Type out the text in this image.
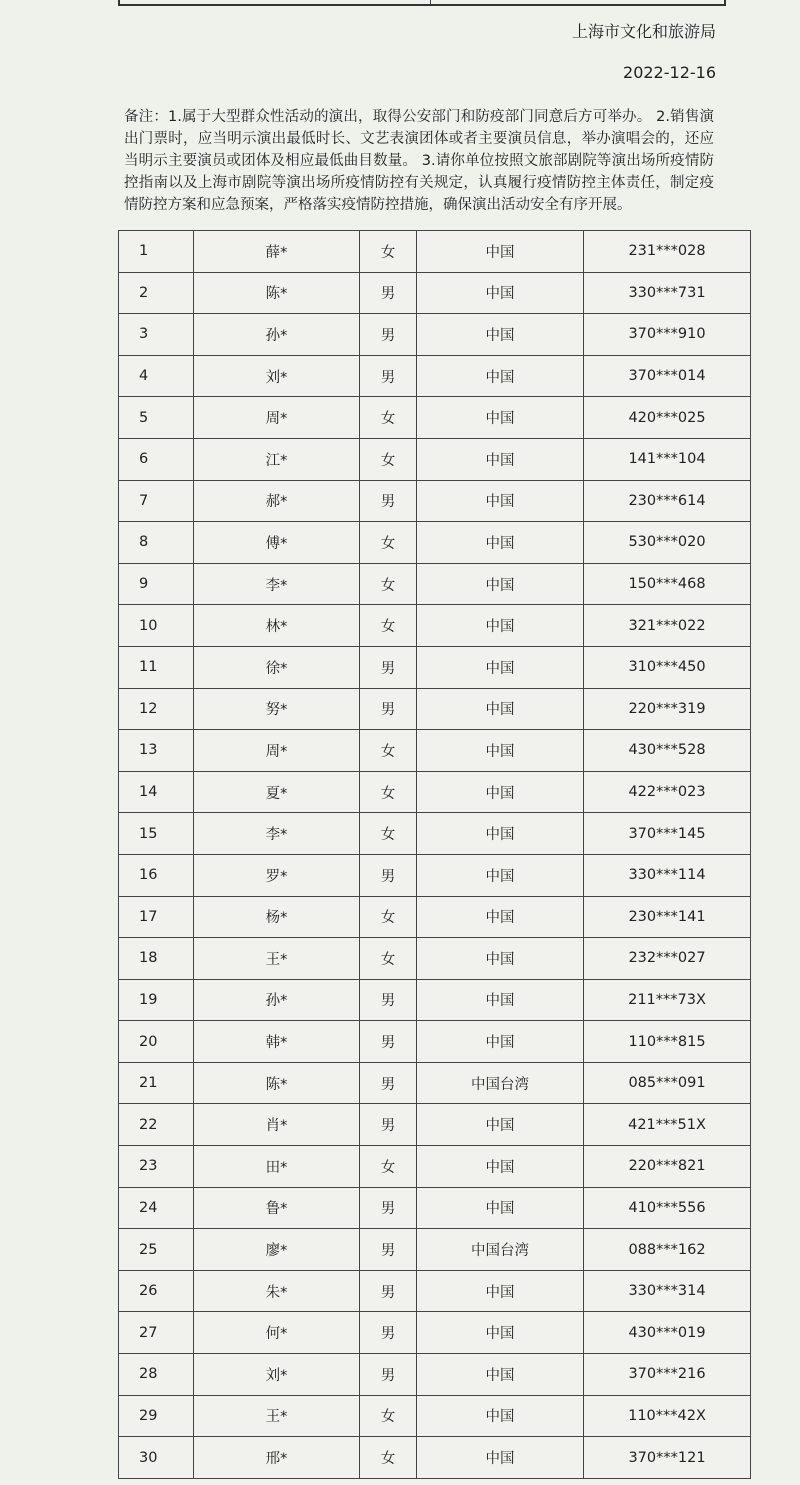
上海市文化和旅游局
2022-12-16
备注：1.属于大型群众性活动的演出，取得公安部门和防疫部门同意后方可举办。 2.销售演出门票时，应当明示演出最低时长、文艺表演团体或者主要演员信息，举办演唱会的，还应当明示主要演员或团体及相应最低曲目数量。 3.请你单位按照文旅部剧院等演出场所疫情防控指南以及上海市剧院等演出场所疫情防控有关规定，认真履行疫情防控主体责任，制定疫情防控方案和应急预案，严格落实疫情防控措施，确保演出活动安全有序开展。
1	薛*	女	中国	231***028
2	陈*	男	中国	330***731
3	孙*	男	中国	370***910
4	刘*	男	中国	370***014
5	周*	女	中国	420***025
6	江*	女	中国	141***104
7	郝*	男	中国	230***614
8	傅*	女	中国	530***020
9	李*	女	中国	150***468
10	林*	女	中国	321***022
11	徐*	男	中国	310***450
12	努*	男	中国	220***319
13	周*	女	中国	430***528
14	夏*	女	中国	422***023
15	李*	女	中国	370***145
16	罗*	男	中国	330***114
17	杨*	女	中国	230***141
18	王*	女	中国	232***027
19	孙*	男	中国	211***73X
20	韩*	男	中国	110***815
21	陈*	男	中国台湾	085***091
22	肖*	男	中国	421***51X
23	田*	女	中国	220***821
24	鲁*	男	中国	410***556
25	廖*	男	中国台湾	088***162
26	朱*	男	中国	330***314
27	何*	男	中国	430***019
28	刘*	男	中国	370***216
29	王*	女	中国	110***42X
30	邢*	女	中国	370***121
